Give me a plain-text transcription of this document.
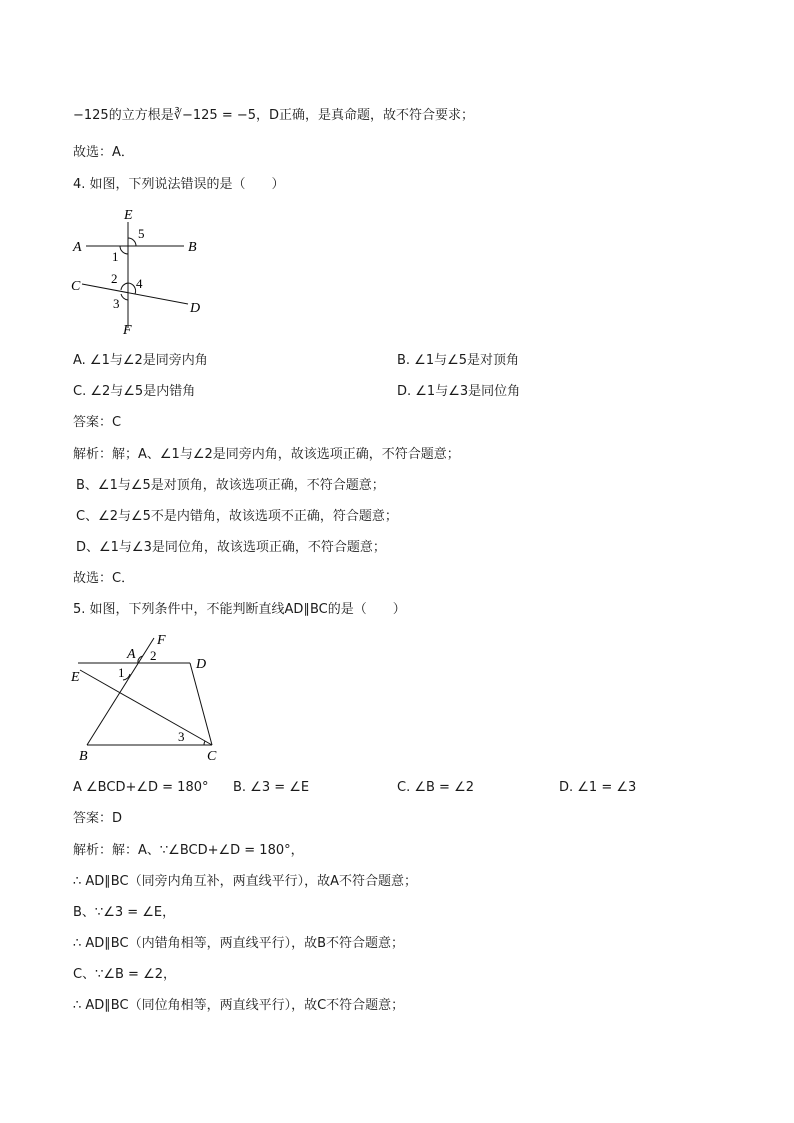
−125的立方根是∛−125 = −5，D正确，是真命题，故不符合要求；
故选：A．
4. 如图，下列说法错误的是（　　）
E
A	B
C
D
F
5
1
2 4
3
A. ∠1与∠2是同旁内角	B. ∠1与∠5是对顶角
C. ∠2与∠5是内错角	D. ∠1与∠3是同位角
答案：C
解析：解；A、∠1与∠2是同旁内角，故该选项正确，不符合题意；
B、∠1与∠5是对顶角，故该选项正确，不符合题意；
C、∠2与∠5不是内错角，故该选项不正确，符合题意；
D、∠1与∠3是同位角，故该选项正确，不符合题意；
故选：C．
5. 如图，下列条件中，不能判断直线AD∥BC的是（　　）
F
A 2
D
E	1
3
B	C
A ∠BCD+∠D = 180° B. ∠3 = ∠E	C. ∠B = ∠2	D. ∠1 = ∠3
答案：D
解析：解：A、∵∠BCD+∠D = 180°，
∴ AD∥BC（同旁内角互补，两直线平行），故A不符合题意；
B、∵∠3 = ∠E，
∴ AD∥BC（内错角相等，两直线平行），故B不符合题意；
C、∵∠B = ∠2，
∴ AD∥BC（同位角相等，两直线平行），故C不符合题意；
